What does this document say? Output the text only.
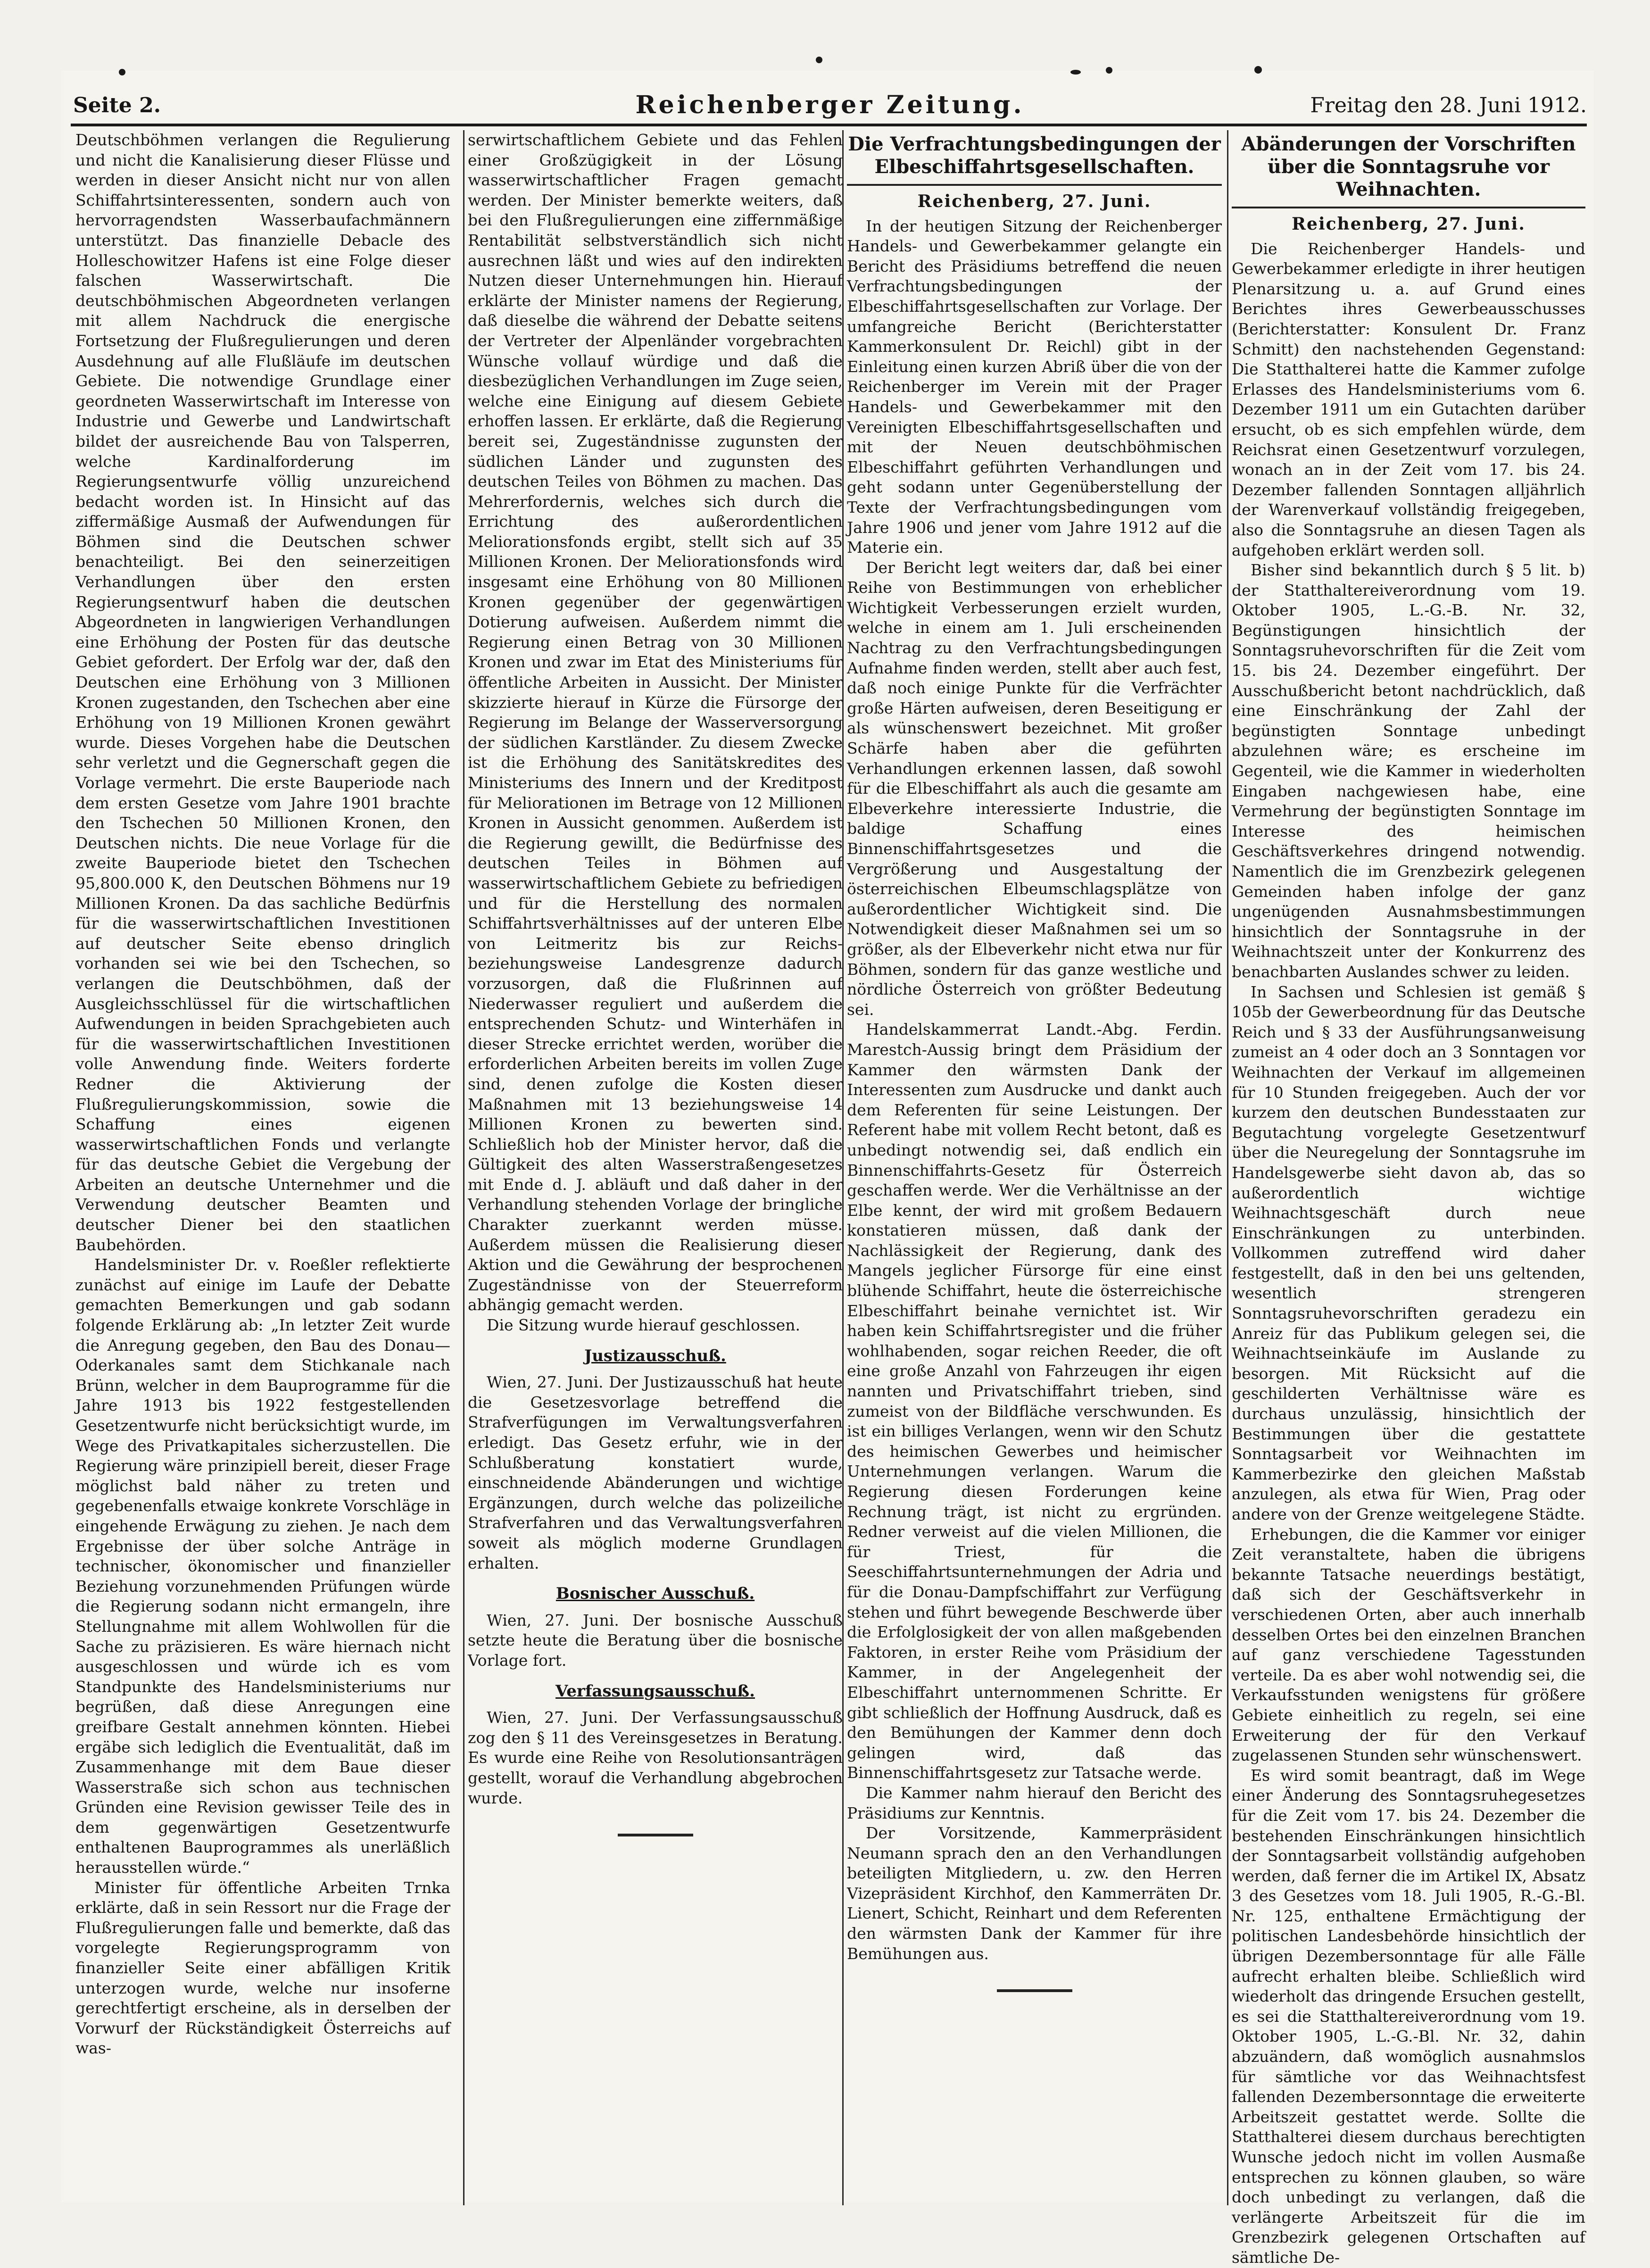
Seite 2.	Reichenberger Zeitung.	Freitag den 28. Juni 1912.

Deutschböhmen verlangen die Regulierung und nicht die Kanalisierung dieser Flüsse und werden in dieser Ansicht nicht nur von allen Schiffahrtsinteressenten, sondern auch von hervorragendsten Wasserbaufachmännern unterstützt. Das finanzielle Debacle des Holleschowitzer Hafens ist eine Folge dieser falschen Wasserwirtschaft. Die deutschböhmischen Abgeordneten verlangen mit allem Nachdruck die energische Fortsetzung der Flußregulierungen und deren Ausdehnung auf alle Flußläufe im deutschen Gebiete. Die notwendige Grundlage einer geordneten Wasserwirtschaft im Interesse von Industrie und Gewerbe und Landwirtschaft bildet der ausreichende Bau von Talsperren, welche Kardinalforderung im Regierungsentwurfe völlig unzureichend bedacht worden ist. In Hinsicht auf das ziffermäßige Ausmaß der Aufwendungen für Böhmen sind die Deutschen schwer benachteiligt. Bei den seinerzeitigen Verhandlungen über den ersten Regierungsentwurf haben die deutschen Abgeordneten in langwierigen Verhandlungen eine Erhöhung der Posten für das deutsche Gebiet gefordert. Der Erfolg war der, daß den Deutschen eine Erhöhung von 3 Millionen Kronen zugestanden, den Tschechen aber eine Erhöhung von 19 Millionen Kronen gewährt wurde. Dieses Vorgehen habe die Deutschen sehr verletzt und die Gegnerschaft gegen die Vorlage vermehrt. Die erste Bauperiode nach dem ersten Gesetze vom Jahre 1901 brachte den Tschechen 50 Millionen Kronen, den Deutschen nichts. Die neue Vorlage für die zweite Bauperiode bietet den Tschechen 95,800.000 K, den Deutschen Böhmens nur 19 Millionen Kronen. Da das sachliche Bedürfnis für die wasserwirtschaftlichen Investitionen auf deutscher Seite ebenso dringlich vorhanden sei wie bei den Tschechen, so verlangen die Deutschböhmen, daß der Ausgleichsschlüssel für die wirtschaftlichen Aufwendungen in beiden Sprachgebieten auch für die wasserwirtschaftlichen Investitionen volle Anwendung finde. Weiters forderte Redner die Aktivierung der Flußregulierungskommission, sowie die Schaffung eines eigenen wasserwirtschaftlichen Fonds und verlangte für das deutsche Gebiet die Vergebung der Arbeiten an deutsche Unternehmer und die Verwendung deutscher Beamten und deutscher Diener bei den staatlichen Baubehörden.

Handelsminister Dr. v. Roeßler reflektierte zunächst auf einige im Laufe der Debatte gemachten Bemerkungen und gab sodann folgende Erklärung ab: „In letzter Zeit wurde die Anregung gegeben, den Bau des Donau—Oderkanales samt dem Stichkanale nach Brünn, welcher in dem Bauprogramme für die Jahre 1913 bis 1922 festgestellenden Gesetzentwurfe nicht berücksichtigt wurde, im Wege des Privatkapitales sicherzustellen. Die Regierung wäre prinzipiell bereit, dieser Frage möglichst bald näher zu treten und gegebenenfalls etwaige konkrete Vorschläge in eingehende Erwägung zu ziehen. Je nach dem Ergebnisse der über solche Anträge in technischer, ökonomischer und finanzieller Beziehung vorzunehmenden Prüfungen würde die Regierung sodann nicht ermangeln, ihre Stellungnahme mit allem Wohlwollen für die Sache zu präzisieren. Es wäre hiernach nicht ausgeschlossen und würde ich es vom Standpunkte des Handelsministeriums nur begrüßen, daß diese Anregungen eine greifbare Gestalt annehmen könnten. Hiebei ergäbe sich lediglich die Eventualität, daß im Zusammenhange mit dem Baue dieser Wasserstraße sich schon aus technischen Gründen eine Revision gewisser Teile des in dem gegenwärtigen Gesetzentwurfe enthaltenen Bauprogrammes als unerläßlich herausstellen würde.“

Minister für öffentliche Arbeiten Trnka erklärte, daß in sein Ressort nur die Frage der Flußregulierungen falle und bemerkte, daß das vorgelegte Regierungsprogramm von finanzieller Seite einer abfälligen Kritik unterzogen wurde, welche nur insoferne gerechtfertigt erscheine, als in derselben der Vorwurf der Rückständigkeit Österreichs auf was-

serwirtschaftlichem Gebiete und das Fehlen einer Großzügigkeit in der Lösung wasserwirtschaftlicher Fragen gemacht werden. Der Minister bemerkte weiters, daß bei den Flußregulierungen eine ziffernmäßige Rentabilität selbstverständlich sich nicht ausrechnen läßt und wies auf den indirekten Nutzen dieser Unternehmungen hin. Hierauf erklärte der Minister namens der Regierung, daß dieselbe die während der Debatte seitens der Vertreter der Alpenländer vorgebrachten Wünsche vollauf würdige und daß die diesbezüglichen Verhandlungen im Zuge seien, welche eine Einigung auf diesem Gebiete erhoffen lassen. Er erklärte, daß die Regierung bereit sei, Zugeständnisse zugunsten der südlichen Länder und zugunsten des deutschen Teiles von Böhmen zu machen. Das Mehrerfordernis, welches sich durch die Errichtung des außerordentlichen Meliorationsfonds ergibt, stellt sich auf 35 Millionen Kronen. Der Meliorationsfonds wird insgesamt eine Erhöhung von 80 Millionen Kronen gegenüber der gegenwärtigen Dotierung aufweisen. Außerdem nimmt die Regierung einen Betrag von 30 Millionen Kronen und zwar im Etat des Ministeriums für öffentliche Arbeiten in Aussicht. Der Minister skizzierte hierauf in Kürze die Fürsorge der Regierung im Belange der Wasserversorgung der südlichen Karstländer. Zu diesem Zwecke ist die Erhöhung des Sanitätskredites des Ministeriums des Innern und der Kreditpost für Meliorationen im Betrage von 12 Millionen Kronen in Aussicht genommen. Außerdem ist die Regierung gewillt, die Bedürfnisse des deutschen Teiles in Böhmen auf wasserwirtschaftlichem Gebiete zu befriedigen und für die Herstellung des normalen Schiffahrtsverhältnisses auf der unteren Elbe von Leitmeritz bis zur Reichs- beziehungsweise Landesgrenze dadurch vorzusorgen, daß die Flußrinnen auf Niederwasser reguliert und außerdem die entsprechenden Schutz- und Winterhäfen in dieser Strecke errichtet werden, worüber die erforderlichen Arbeiten bereits im vollen Zuge sind, denen zufolge die Kosten dieser Maßnahmen mit 13 beziehungsweise 14 Millionen Kronen zu bewerten sind. Schließlich hob der Minister hervor, daß die Gültigkeit des alten Wasserstraßengesetzes mit Ende d. J. abläuft und daß daher in der Verhandlung stehenden Vorlage der bringliche Charakter zuerkannt werden müsse. Außerdem müssen die Realisierung dieser Aktion und die Gewährung der besprochenen Zugeständnisse von der Steuerreform abhängig gemacht werden.

Die Sitzung wurde hierauf geschlossen.

Justizausschuß.

Wien, 27. Juni. Der Justizausschuß hat heute die Gesetzesvorlage betreffend die Strafverfügungen im Verwaltungsverfahren erledigt. Das Gesetz erfuhr, wie in der Schlußberatung konstatiert wurde, einschneidende Abänderungen und wichtige Ergänzungen, durch welche das polizeiliche Strafverfahren und das Verwaltungsverfahren soweit als möglich moderne Grundlagen erhalten.

Bosnischer Ausschuß.

Wien, 27. Juni. Der bosnische Ausschuß setzte heute die Beratung über die bosnische Vorlage fort.

Verfassungsausschuß.

Wien, 27. Juni. Der Verfassungsausschuß zog den § 11 des Vereinsgesetzes in Beratung. Es wurde eine Reihe von Resolutionsanträgen gestellt, worauf die Verhandlung abgebrochen wurde.

Die Verfrachtungsbedingungen der Elbeschiffahrtsgesellschaften.
Reichenberg, 27. Juni.

In der heutigen Sitzung der Reichenberger Handels- und Gewerbekammer gelangte ein Bericht des Präsidiums betreffend die neuen Verfrachtungsbedingungen der Elbeschiffahrtsgesellschaften zur Vorlage. Der umfangreiche Bericht (Berichterstatter Kammerkonsulent Dr. Reichl) gibt in der Einleitung einen kurzen Abriß über die von der Reichenberger im Verein mit der Prager Handels- und Gewerbekammer mit den Vereinigten Elbeschiffahrtsgesellschaften und mit der Neuen deutschböhmischen Elbeschiffahrt geführten Verhandlungen und geht sodann unter Gegenüberstellung der Texte der Verfrachtungsbedingungen vom Jahre 1906 und jener vom Jahre 1912 auf die Materie ein.

Der Bericht legt weiters dar, daß bei einer Reihe von Bestimmungen von erheblicher Wichtigkeit Verbesserungen erzielt wurden, welche in einem am 1. Juli erscheinenden Nachtrag zu den Verfrachtungsbedingungen Aufnahme finden werden, stellt aber auch fest, daß noch einige Punkte für die Verfrächter große Härten aufweisen, deren Beseitigung er als wünschenswert bezeichnet. Mit großer Schärfe haben aber die geführten Verhandlungen erkennen lassen, daß sowohl für die Elbeschiffahrt als auch die gesamte am Elbeverkehre interessierte Industrie, die baldige Schaffung eines Binnenschiffahrtsgesetzes und die Vergrößerung und Ausgestaltung der österreichischen Elbeumschlagsplätze von außerordentlicher Wichtigkeit sind. Die Notwendigkeit dieser Maßnahmen sei um so größer, als der Elbeverkehr nicht etwa nur für Böhmen, sondern für das ganze westliche und nördliche Österreich von größter Bedeutung sei.

Handelskammerrat Landt.-Abg. Ferdin. Marestch-Aussig bringt dem Präsidium der Kammer den wärmsten Dank der Interessenten zum Ausdrucke und dankt auch dem Referenten für seine Leistungen. Der Referent habe mit vollem Recht betont, daß es unbedingt notwendig sei, daß endlich ein Binnenschiffahrts-Gesetz für Österreich geschaffen werde. Wer die Verhältnisse an der Elbe kennt, der wird mit großem Bedauern konstatieren müssen, daß dank der Nachlässigkeit der Regierung, dank des Mangels jeglicher Fürsorge für eine einst blühende Schiffahrt, heute die österreichische Elbeschiffahrt beinahe vernichtet ist. Wir haben kein Schiffahrtsregister und die früher wohlhabenden, sogar reichen Reeder, die oft eine große Anzahl von Fahrzeugen ihr eigen nannten und Privatschiffahrt trieben, sind zumeist von der Bildfläche verschwunden. Es ist ein billiges Verlangen, wenn wir den Schutz des heimischen Gewerbes und heimischer Unternehmungen verlangen. Warum die Regierung diesen Forderungen keine Rechnung trägt, ist nicht zu ergründen. Redner verweist auf die vielen Millionen, die für Triest, für die Seeschiffahrtsunternehmungen der Adria und für die Donau-Dampfschiffahrt zur Verfügung stehen und führt bewegende Beschwerde über die Erfolglosigkeit der von allen maßgebenden Faktoren, in erster Reihe vom Präsidium der Kammer, in der Angelegenheit der Elbeschiffahrt unternommenen Schritte. Er gibt schließlich der Hoffnung Ausdruck, daß es den Bemühungen der Kammer denn doch gelingen wird, daß das Binnenschiffahrtsgesetz zur Tatsache werde.

Die Kammer nahm hierauf den Bericht des Präsidiums zur Kenntnis.

Der Vorsitzende, Kammerpräsident Neumann sprach den an den Verhandlungen beteiligten Mitgliedern, u. zw. den Herren Vizepräsident Kirchhof, den Kammerräten Dr. Lienert, Schicht, Reinhart und dem Referenten den wärmsten Dank der Kammer für ihre Bemühungen aus.

Abänderungen der Vorschriften über die Sonntagsruhe vor Weihnachten.
Reichenberg, 27. Juni.

Die Reichenberger Handels- und Gewerbekammer erledigte in ihrer heutigen Plenarsitzung u. a. auf Grund eines Berichtes ihres Gewerbeausschusses (Berichterstatter: Konsulent Dr. Franz Schmitt) den nachstehenden Gegenstand: Die Statthalterei hatte die Kammer zufolge Erlasses des Handelsministeriums vom 6. Dezember 1911 um ein Gutachten darüber ersucht, ob es sich empfehlen würde, dem Reichsrat einen Gesetzentwurf vorzulegen, wonach an in der Zeit vom 17. bis 24. Dezember fallenden Sonntagen alljährlich der Warenverkauf vollständig freigegeben, also die Sonntagsruhe an diesen Tagen als aufgehoben erklärt werden soll.

Bisher sind bekanntlich durch § 5 lit. b) der Statthaltereiverordnung vom 19. Oktober 1905, L.-G.-B. Nr. 32, Begünstigungen hinsichtlich der Sonntagsruhevorschriften für die Zeit vom 15. bis 24. Dezember eingeführt. Der Ausschußbericht betont nachdrücklich, daß eine Einschränkung der Zahl der begünstigten Sonntage unbedingt abzulehnen wäre; es erscheine im Gegenteil, wie die Kammer in wiederholten Eingaben nachgewiesen habe, eine Vermehrung der begünstigten Sonntage im Interesse des heimischen Geschäftsverkehres dringend notwendig. Namentlich die im Grenzbezirk gelegenen Gemeinden haben infolge der ganz ungenügenden Ausnahmsbestimmungen hinsichtlich der Sonntagsruhe in der Weihnachtszeit unter der Konkurrenz des benachbarten Auslandes schwer zu leiden.

In Sachsen und Schlesien ist gemäß § 105b der Gewerbeordnung für das Deutsche Reich und § 33 der Ausführungsanweisung zumeist an 4 oder doch an 3 Sonntagen vor Weihnachten der Verkauf im allgemeinen für 10 Stunden freigegeben. Auch der vor kurzem den deutschen Bundesstaaten zur Begutachtung vorgelegte Gesetzentwurf über die Neuregelung der Sonntagsruhe im Handelsgewerbe sieht davon ab, das so außerordentlich wichtige Weihnachtsgeschäft durch neue Einschränkungen zu unterbinden. Vollkommen zutreffend wird daher festgestellt, daß in den bei uns geltenden, wesentlich strengeren Sonntagsruhevorschriften geradezu ein Anreiz für das Publikum gelegen sei, die Weihnachtseinkäufe im Auslande zu besorgen. Mit Rücksicht auf die geschilderten Verhältnisse wäre es durchaus unzulässig, hinsichtlich der Bestimmungen über die gestattete Sonntagsarbeit vor Weihnachten im Kammerbezirke den gleichen Maßstab anzulegen, als etwa für Wien, Prag oder andere von der Grenze weitgelegene Städte.

Erhebungen, die die Kammer vor einiger Zeit veranstaltete, haben die übrigens bekannte Tatsache neuerdings bestätigt, daß sich der Geschäftsverkehr in verschiedenen Orten, aber auch innerhalb desselben Ortes bei den einzelnen Branchen auf ganz verschiedene Tagesstunden verteile. Da es aber wohl notwendig sei, die Verkaufsstunden wenigstens für größere Gebiete einheitlich zu regeln, sei eine Erweiterung der für den Verkauf zugelassenen Stunden sehr wünschenswert.

Es wird somit beantragt, daß im Wege einer Änderung des Sonntagsruhegesetzes für die Zeit vom 17. bis 24. Dezember die bestehenden Einschränkungen hinsichtlich der Sonntagsarbeit vollständig aufgehoben werden, daß ferner die im Artikel IX, Absatz 3 des Gesetzes vom 18. Juli 1905, R.-G.-Bl. Nr. 125, enthaltene Ermächtigung der politischen Landesbehörde hinsichtlich der übrigen Dezembersonntage für alle Fälle aufrecht erhalten bleibe. Schließlich wird wiederholt das dringende Ersuchen gestellt, es sei die Statthaltereiverordnung vom 19. Oktober 1905, L.-G.-Bl. Nr. 32, dahin abzuändern, daß womöglich ausnahmslos für sämtliche vor das Weihnachtsfest fallenden Dezembersonntage die erweiterte Arbeitszeit gestattet werde. Sollte die Statthalterei diesem durchaus berechtigten Wunsche jedoch nicht im vollen Ausmaße entsprechen zu können glauben, so wäre doch unbedingt zu verlangen, daß die verlängerte Arbeitszeit für die im Grenzbezirk gelegenen Ortschaften auf sämtliche De-
